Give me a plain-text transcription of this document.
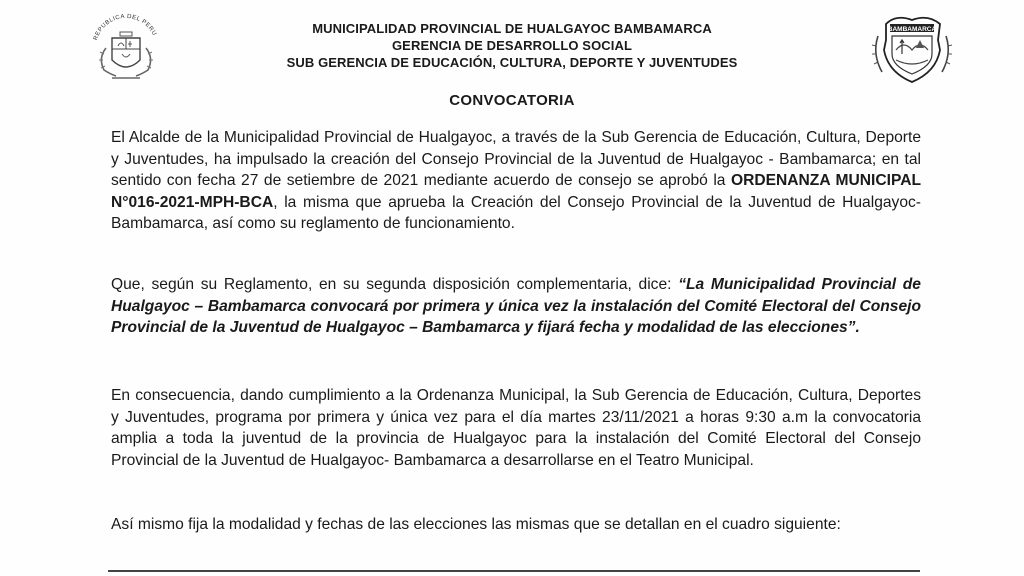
REPUBLICA DEL PERU
BAMBAMARCA
MUNICIPALIDAD PROVINCIAL DE HUALGAYOC BAMBAMARCA
GERENCIA DE DESARROLLO SOCIAL
SUB GERENCIA DE EDUCACIÓN, CULTURA, DEPORTE Y JUVENTUDES
CONVOCATORIA

El Alcalde de la Municipalidad Provincial de Hualgayoc, a través de la Sub Gerencia de Educación, Cultura, Deporte y Juventudes, ha impulsado la creación del Consejo Provincial de la Juventud de Hualgayoc - Bambamarca; en tal sentido con fecha 27 de setiembre de 2021 mediante acuerdo de consejo se aprobó la ORDENANZA MUNICIPAL N°016-2021-MPH-BCA, la misma que aprueba la Creación del Consejo Provincial de la Juventud de Hualgayoc-Bambamarca, así como su reglamento de funcionamiento.

Que, según su Reglamento, en su segunda disposición complementaria, dice: “La Municipalidad Provincial de Hualgayoc – Bambamarca convocará por primera y única vez la instalación del Comité Electoral del Consejo Provincial de la Juventud de Hualgayoc – Bambamarca y fijará fecha y modalidad de las elecciones”.

En consecuencia, dando cumplimiento a la Ordenanza Municipal, la Sub Gerencia de Educación, Cultura, Deportes y Juventudes, programa por primera y única vez para el día martes 23/11/2021 a horas 9:30 a.m la convocatoria amplia a toda la juventud de la provincia de Hualgayoc para la instalación del Comité Electoral del Consejo Provincial de la Juventud de Hualgayoc- Bambamarca a desarrollarse en el Teatro Municipal.

Así mismo fija la modalidad y fechas de las elecciones las mismas que se detallan en el cuadro siguiente:
